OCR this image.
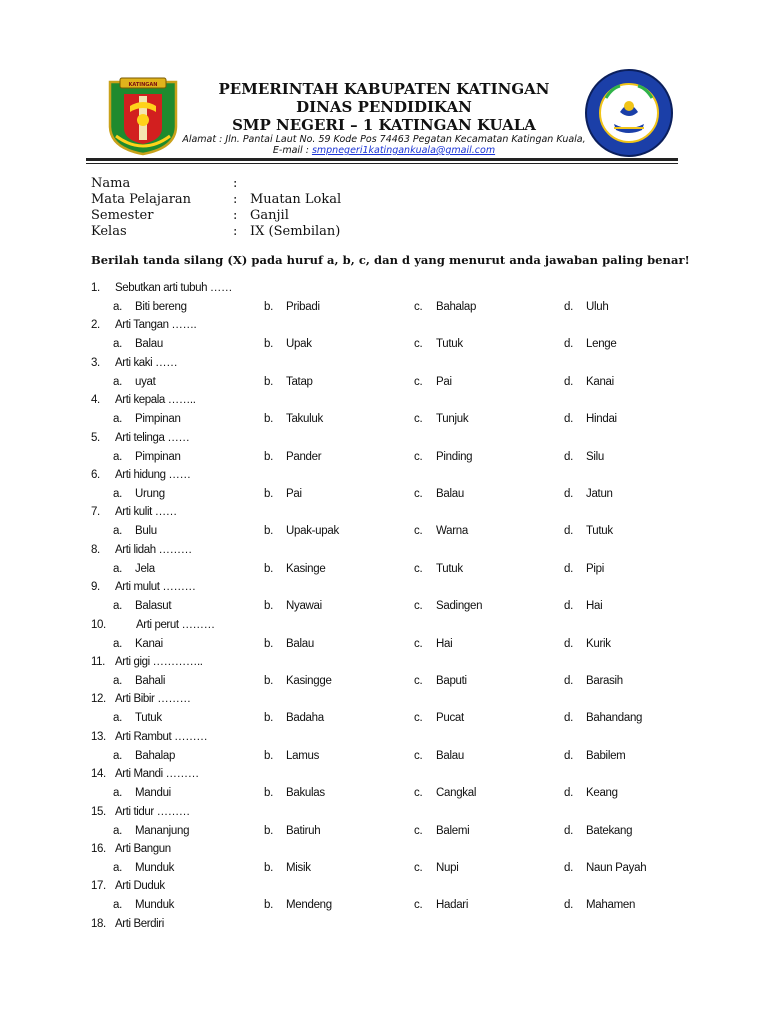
KATINGAN	PEMERINTAH KABUPATEN KATINGAN
DINAS PENDIDIKAN
SMP NEGERI – 1 KATINGAN KUALA
Alamat : Jln. Pantai Laut No. 59 Kode Pos 74463 Pegatan Kecamatan Katingan Kuala,
E-mail : smpnegeri1katingankuala@gmail.com
Nama	:
Mata Pelajaran	: Muatan Lokal
Semester	: Ganjil
Kelas	: IX (Sembilan)
Berilah tanda silang (X) pada huruf a, b, c, dan d yang menurut anda jawaban paling benar!
1. Sebutkan arti tubuh ……
a. Biti bereng	b. Pribadi	c. Bahalap	d. Uluh
2. Arti Tangan …….
a. Balau	b. Upak	c. Tutuk	d. Lenge
3. Arti kaki ……
a. uyat	b. Tatap	c. Pai	d. Kanai
4. Arti kepala ……..
a. Pimpinan	b. Takuluk	c. Tunjuk	d. Hindai
5. Arti telinga ……
a. Pimpinan	b. Pander	c. Pinding	d. Silu
6. Arti hidung ……
a. Urung	b. Pai	c. Balau	d. Jatun
7. Arti kulit ……
a. Bulu	b. Upak-upak	c. Warna	d. Tutuk
8. Arti lidah ………
a. Jela	b. Kasinge	c. Tutuk	d. Pipi
9. Arti mulut ………
a. Balasut	b. Nyawai	c. Sadingen	d. Hai
10.	Arti perut ………
a. Kanai	b. Balau	c. Hai	d. Kurik
11. Arti gigi …………..
a. Bahali	b. Kasingge	c. Baputi	d. Barasih
12. Arti Bibir ………
a. Tutuk	b. Badaha	c. Pucat	d. Bahandang
13. Arti Rambut ………
a. Bahalap	b. Lamus	c. Balau	d. Babilem
14. Arti Mandi ………
a. Mandui	b. Bakulas	c. Cangkal	d. Keang
15. Arti tidur ………
a. Mananjung	b. Batiruh	c. Balemi	d. Batekang
16. Arti Bangun
a. Munduk	b. Misik	c. Nupi	d. Naun Payah
17. Arti Duduk
a. Munduk	b. Mendeng	c. Hadari	d. Mahamen
18. Arti Berdiri
